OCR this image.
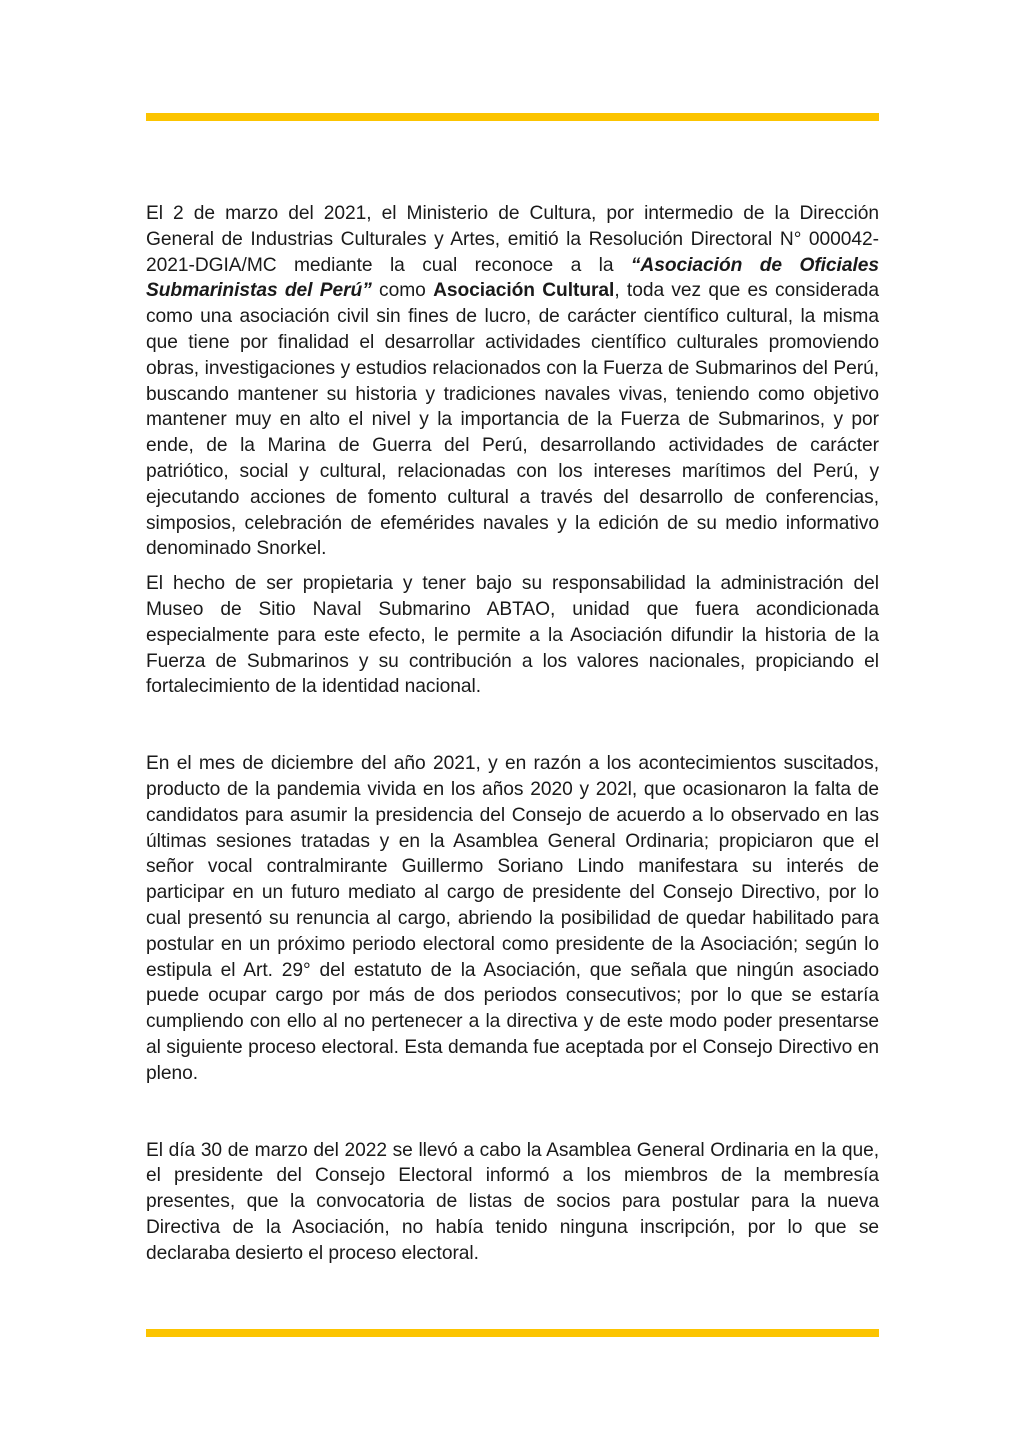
El 2 de marzo del 2021, el Ministerio de Cultura, por intermedio de la Dirección General de Industrias Culturales y Artes, emitió la Resolución Directoral N° 000042-2021-DGIA/MC mediante la cual reconoce a la “Asociación de Oficiales Submarinistas del Perú” como Asociación Cultural, toda vez que es considerada como una asociación civil sin fines de lucro, de carácter científico cultural, la misma que tiene por finalidad el desarrollar actividades científico culturales promoviendo obras, investigaciones y estudios relacionados con la Fuerza de Submarinos del Perú, buscando mantener su historia y tradiciones navales vivas, teniendo como objetivo mantener muy en alto el nivel y la importancia de la Fuerza de Submarinos, y por ende, de la Marina de Guerra del Perú, desarrollando actividades de carácter patriótico, social y cultural, relacionadas con los intereses marítimos del Perú, y ejecutando acciones de fomento cultural a través del desarrollo de conferencias, simposios, celebración de efemérides navales y la edición de su medio informativo denominado Snorkel.

El hecho de ser propietaria y tener bajo su responsabilidad la administración del Museo de Sitio Naval Submarino ABTAO, unidad que fuera acondicionada especialmente para este efecto, le permite a la Asociación difundir la historia de la Fuerza de Submarinos y su contribución a los valores nacionales, propiciando el fortalecimiento de la identidad nacional.

En el mes de diciembre del año 2021, y en razón a los acontecimientos suscitados, producto de la pandemia vivida en los años 2020 y 202l, que ocasionaron la falta de candidatos para asumir la presidencia del Consejo de acuerdo a lo observado en las últimas sesiones tratadas y en la Asamblea General Ordinaria; propiciaron que el señor vocal contralmirante Guillermo Soriano Lindo manifestara su interés de participar en un futuro mediato al cargo de presidente del Consejo Directivo, por lo cual presentó su renuncia al cargo, abriendo la posibilidad de quedar habilitado para postular en un próximo periodo electoral como presidente de la Asociación; según lo estipula el Art. 29° del estatuto de la Asociación, que señala que ningún asociado puede ocupar cargo por más de dos periodos consecutivos; por lo que se estaría cumpliendo con ello al no pertenecer a la directiva y de este modo poder presentarse al siguiente proceso electoral. Esta demanda fue aceptada por el Consejo Directivo en pleno.

El día 30 de marzo del 2022 se llevó a cabo la Asamblea General Ordinaria en la que, el presidente del Consejo Electoral informó a los miembros de la membresía presentes, que la convocatoria de listas de socios para postular para la nueva Directiva de la Asociación, no había tenido ninguna inscripción, por lo que se declaraba desierto el proceso electoral.
